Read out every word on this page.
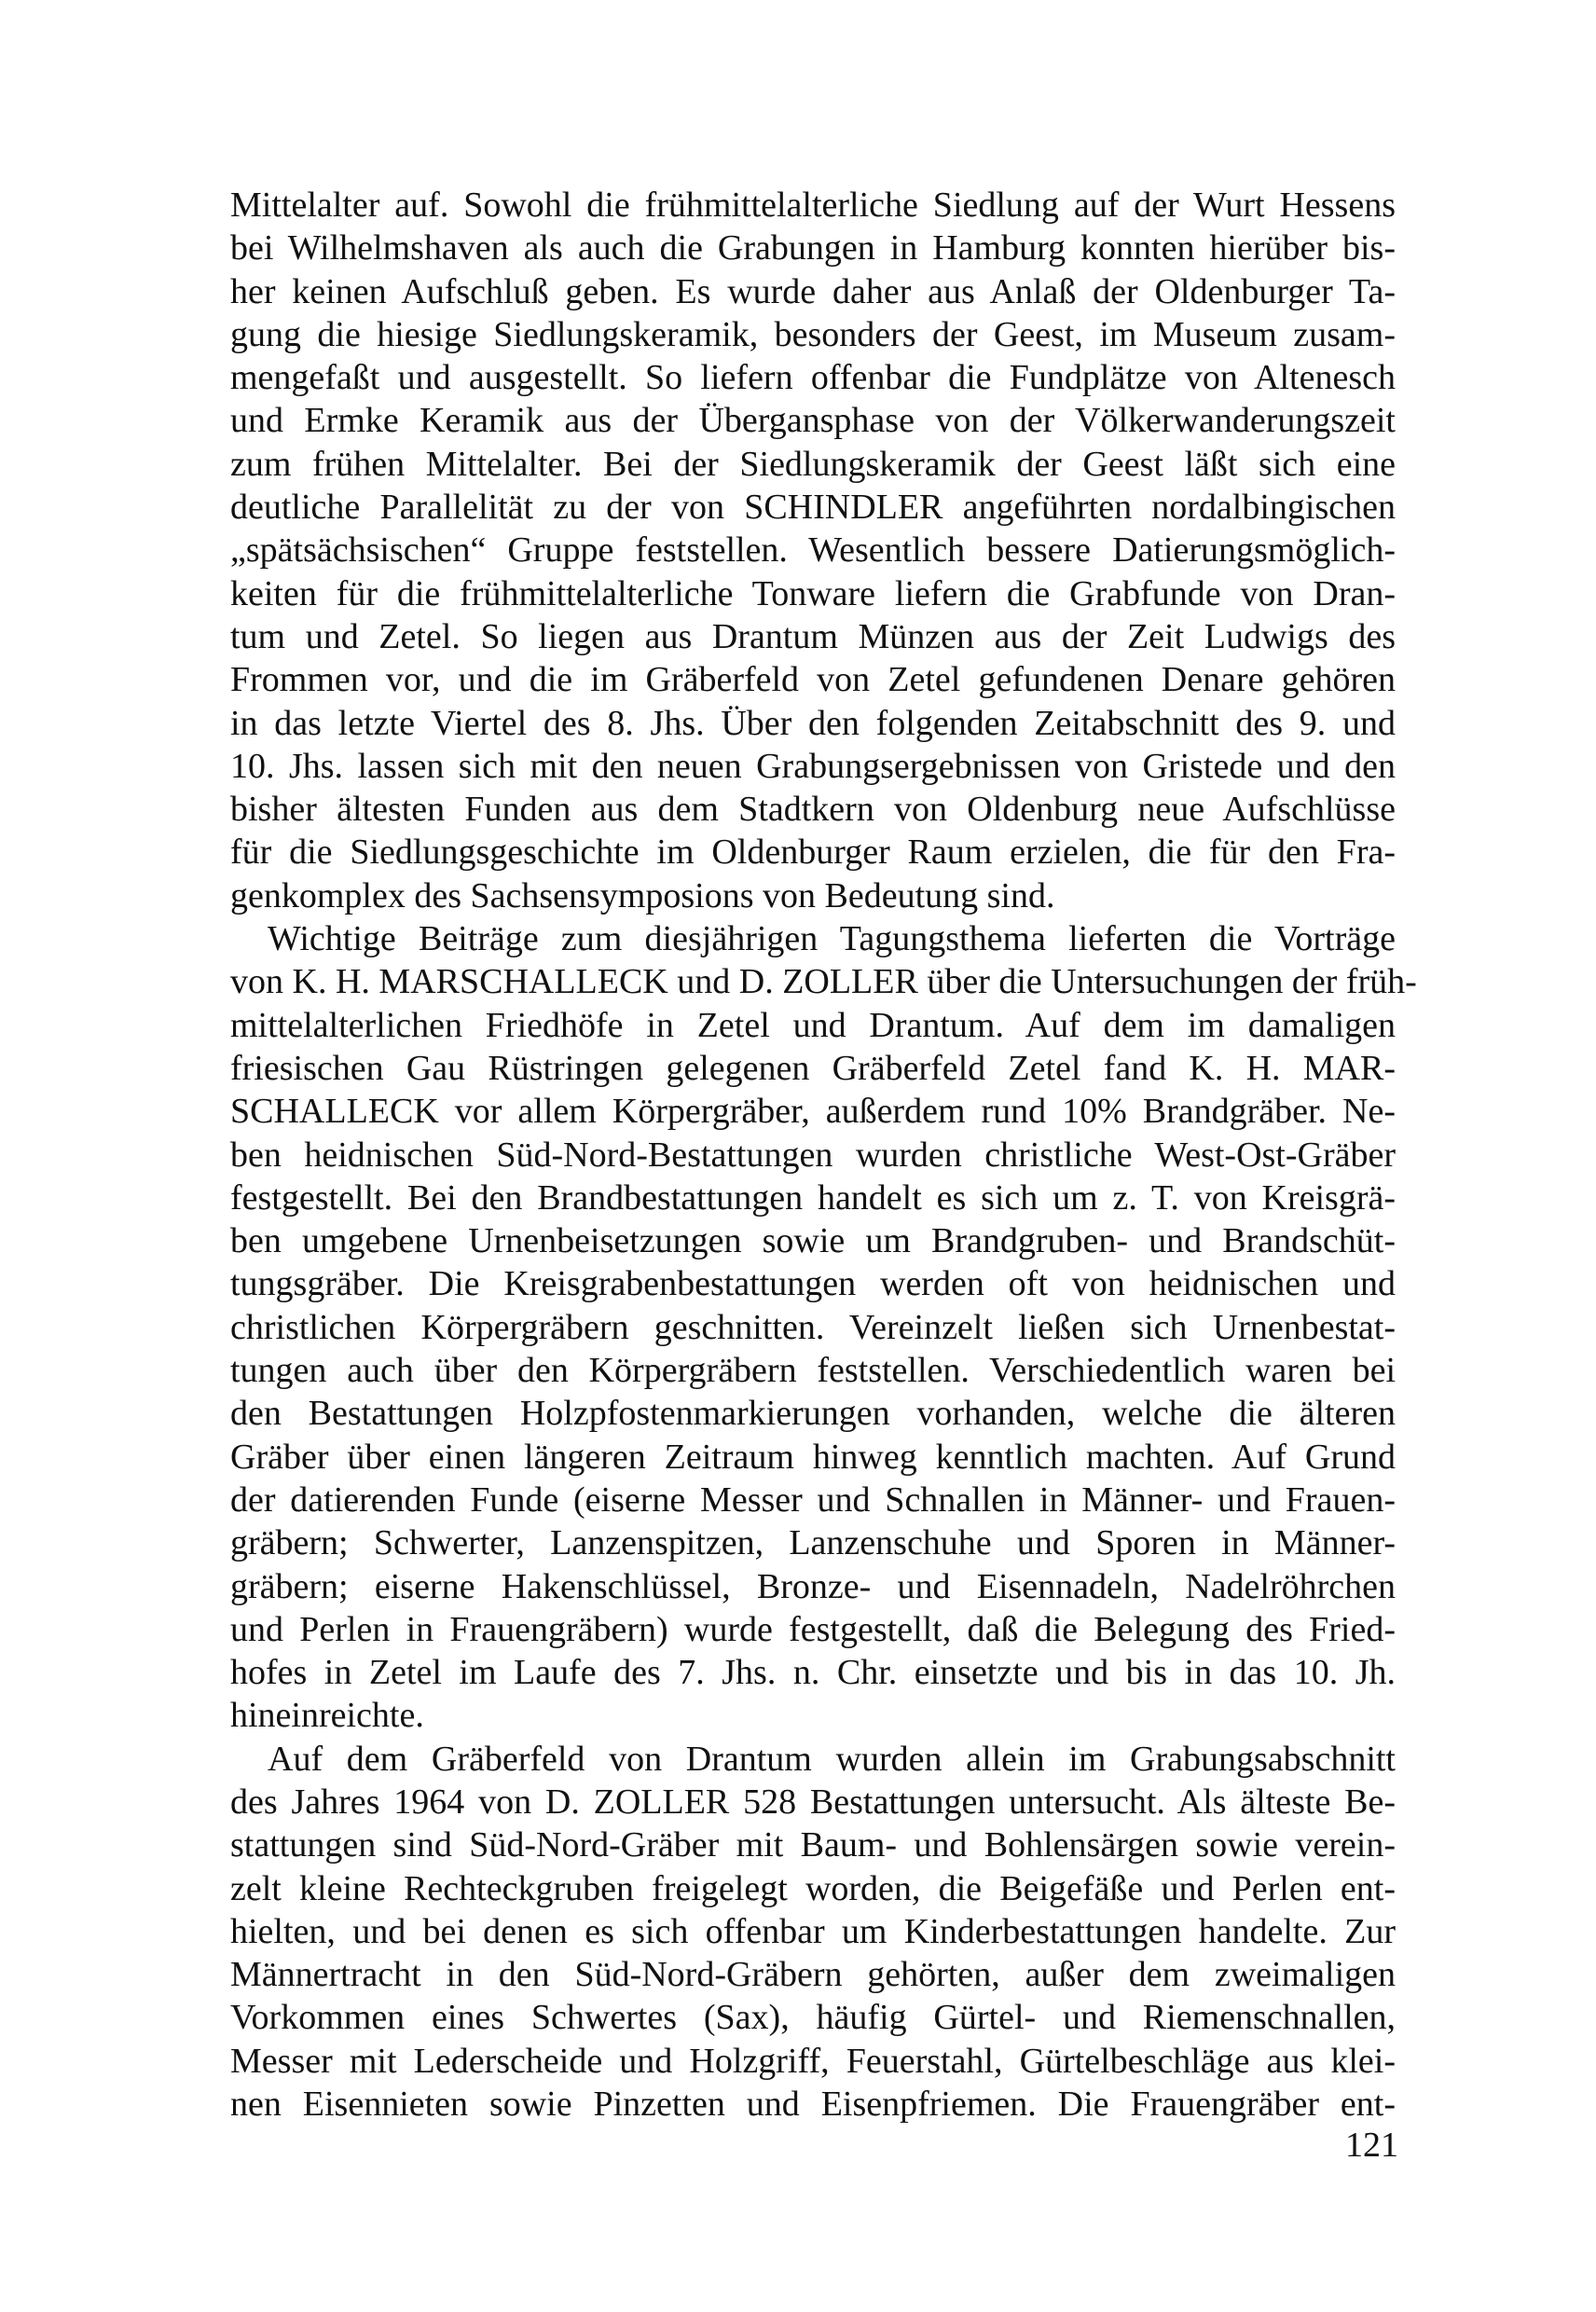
Mittelalter auf. Sowohl die frühmittelalterliche Siedlung auf der Wurt Hessens
bei Wilhelmshaven als auch die Grabungen in Hamburg konnten hierüber bis-
her keinen Aufschluß geben. Es wurde daher aus Anlaß der Oldenburger Ta-
gung die hiesige Siedlungskeramik, besonders der Geest, im Museum zusam-
mengefaßt und ausgestellt. So liefern offenbar die Fundplätze von Altenesch
und Ermke Keramik aus der Übergansphase von der Völkerwanderungszeit
zum frühen Mittelalter. Bei der Siedlungskeramik der Geest läßt sich eine
deutliche Parallelität zu der von SCHINDLER angeführten nordalbingischen
„spätsächsischen“ Gruppe feststellen. Wesentlich bessere Datierungsmöglich-
keiten für die frühmittelalterliche Tonware liefern die Grabfunde von Dran-
tum und Zetel. So liegen aus Drantum Münzen aus der Zeit Ludwigs des
Frommen vor, und die im Gräberfeld von Zetel gefundenen Denare gehören
in das letzte Viertel des 8. Jhs. Über den folgenden Zeitabschnitt des 9. und
10. Jhs. lassen sich mit den neuen Grabungsergebnissen von Gristede und den
bisher ältesten Funden aus dem Stadtkern von Oldenburg neue Aufschlüsse
für die Siedlungsgeschichte im Oldenburger Raum erzielen, die für den Fra-
genkomplex des Sachsensymposions von Bedeutung sind.
Wichtige Beiträge zum diesjährigen Tagungsthema lieferten die Vorträge
von K. H. MARSCHALLECK und D. ZOLLER über die Untersuchungen der früh-
mittelalterlichen Friedhöfe in Zetel und Drantum. Auf dem im damaligen
friesischen Gau Rüstringen gelegenen Gräberfeld Zetel fand K. H. MAR-
SCHALLECK vor allem Körpergräber, außerdem rund 10% Brandgräber. Ne-
ben heidnischen Süd-Nord-Bestattungen wurden christliche West-Ost-Gräber
festgestellt. Bei den Brandbestattungen handelt es sich um z. T. von Kreisgrä-
ben umgebene Urnenbeisetzungen sowie um Brandgruben- und Brandschüt-
tungsgräber. Die Kreisgrabenbestattungen werden oft von heidnischen und
christlichen Körpergräbern geschnitten. Vereinzelt ließen sich Urnenbestat-
tungen auch über den Körpergräbern feststellen. Verschiedentlich waren bei
den Bestattungen Holzpfostenmarkierungen vorhanden, welche die älteren
Gräber über einen längeren Zeitraum hinweg kenntlich machten. Auf Grund
der datierenden Funde (eiserne Messer und Schnallen in Männer- und Frauen-
gräbern; Schwerter, Lanzenspitzen, Lanzenschuhe und Sporen in Männer-
gräbern; eiserne Hakenschlüssel, Bronze- und Eisennadeln, Nadelröhrchen
und Perlen in Frauengräbern) wurde festgestellt, daß die Belegung des Fried-
hofes in Zetel im Laufe des 7. Jhs. n. Chr. einsetzte und bis in das 10. Jh.
hineinreichte.
Auf dem Gräberfeld von Drantum wurden allein im Grabungsabschnitt
des Jahres 1964 von D. ZOLLER 528 Bestattungen untersucht. Als älteste Be-
stattungen sind Süd-Nord-Gräber mit Baum- und Bohlensärgen sowie verein-
zelt kleine Rechteckgruben freigelegt worden, die Beigefäße und Perlen ent-
hielten, und bei denen es sich offenbar um Kinderbestattungen handelte. Zur
Männertracht in den Süd-Nord-Gräbern gehörten, außer dem zweimaligen
Vorkommen eines Schwertes (Sax), häufig Gürtel- und Riemenschnallen,
Messer mit Lederscheide und Holzgriff, Feuerstahl, Gürtelbeschläge aus klei-
nen Eisennieten sowie Pinzetten und Eisenpfriemen. Die Frauengräber ent-
121
